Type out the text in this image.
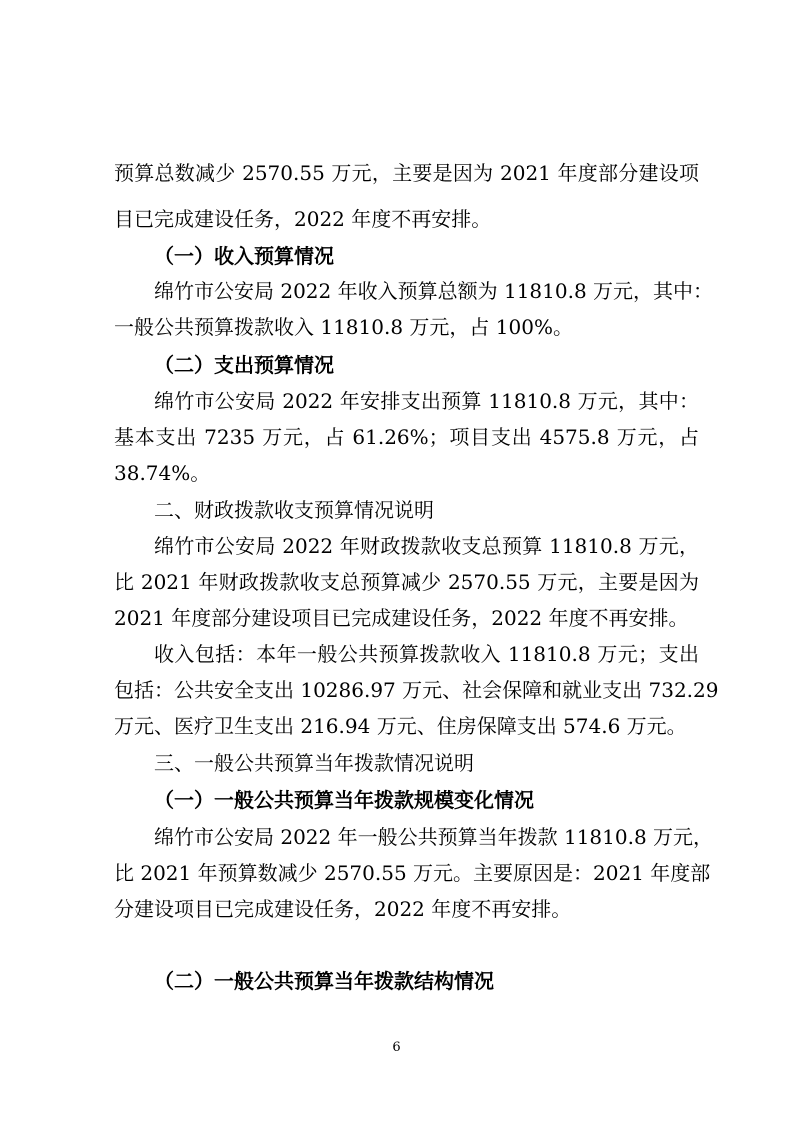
预算总数减少 2570.55 万元，主要是因为 2021 年度部分建设项
目已完成建设任务，2022 年度不再安排。
（一）收入预算情况
绵竹市公安局 2022 年收入预算总额为 11810.8 万元，其中：
一般公共预算拨款收入 11810.8 万元，占 100%。
（二）支出预算情况
绵竹市公安局 2022 年安排支出预算 11810.8 万元，其中：
基本支出 7235 万元，占 61.26%；项目支出 4575.8 万元，占
38.74%。
二、财政拨款收支预算情况说明
绵竹市公安局 2022 年财政拨款收支总预算 11810.8 万元，
比 2021 年财政拨款收支总预算减少 2570.55 万元，主要是因为
2021 年度部分建设项目已完成建设任务，2022 年度不再安排。
收入包括：本年一般公共预算拨款收入 11810.8 万元；支出
包括：公共安全支出 10286.97 万元、社会保障和就业支出 732.29
万元、医疗卫生支出 216.94 万元、住房保障支出 574.6 万元。
三、一般公共预算当年拨款情况说明
（一）一般公共预算当年拨款规模变化情况
绵竹市公安局 2022 年一般公共预算当年拨款 11810.8 万元，
比 2021 年预算数减少 2570.55 万元。主要原因是：2021 年度部
分建设项目已完成建设任务，2022 年度不再安排。
（二）一般公共预算当年拨款结构情况
6
